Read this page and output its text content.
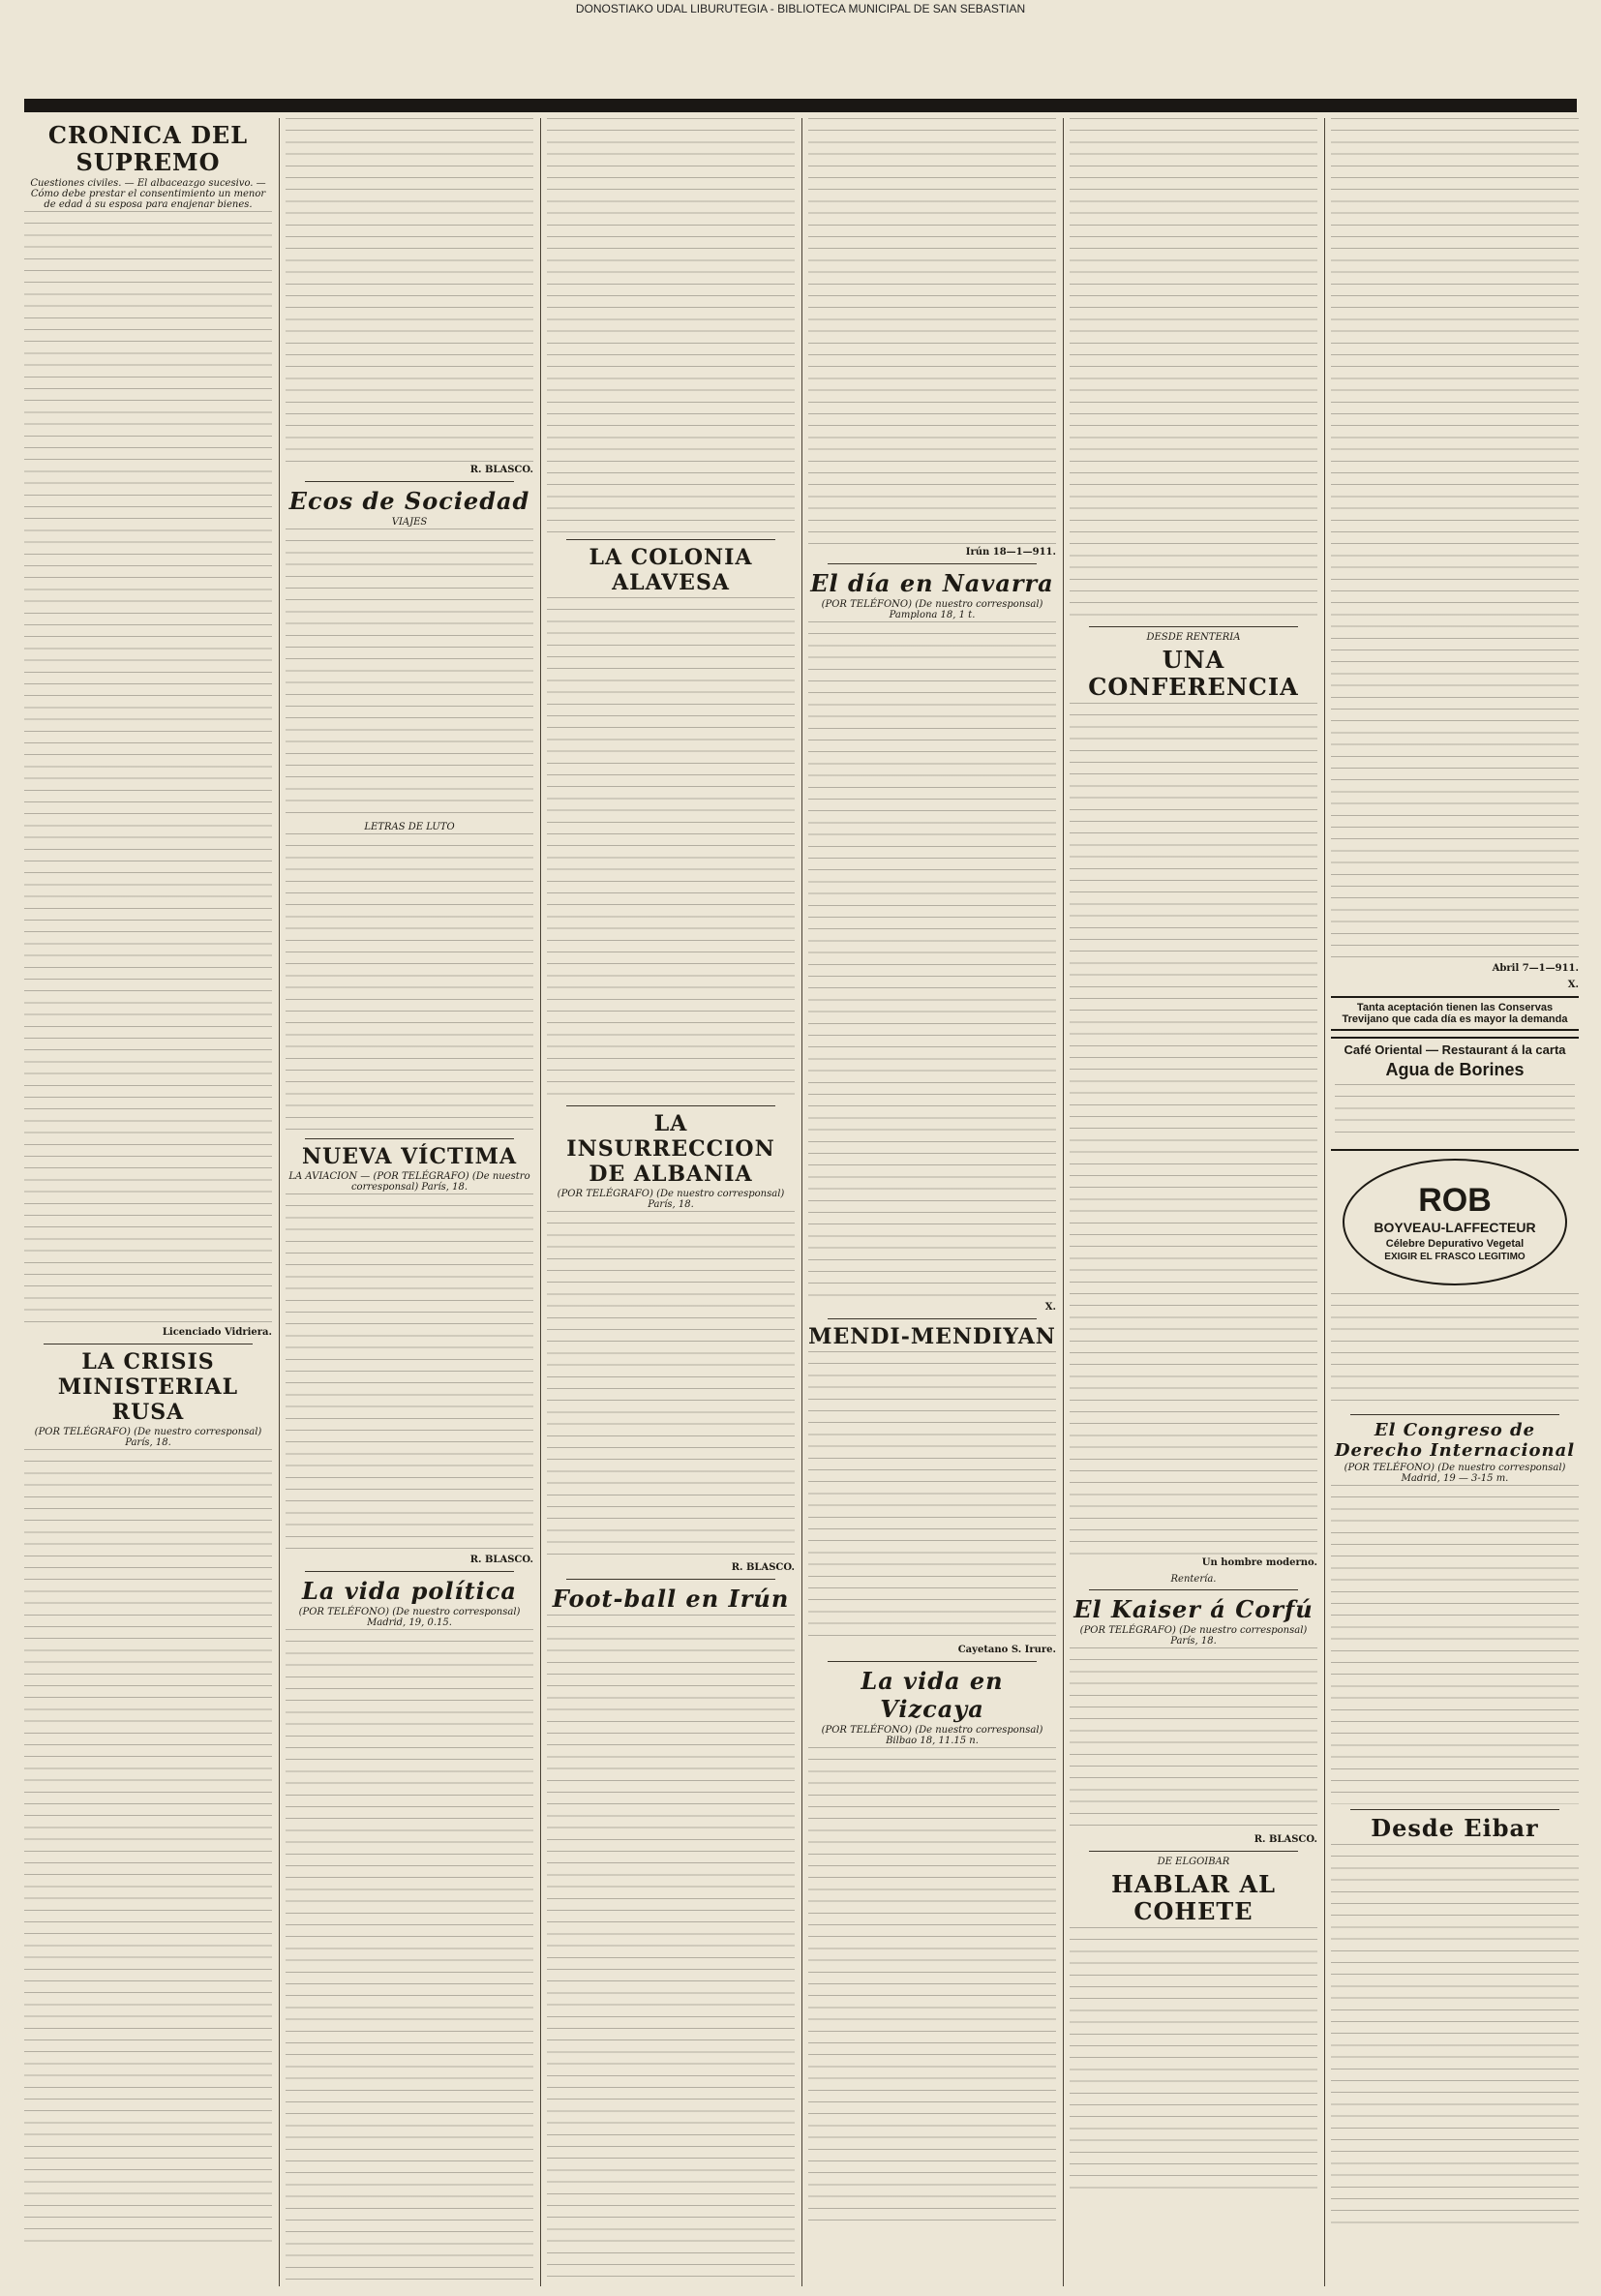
DONOSTIAKO UDAL LIBURUTEGIA - BIBLIOTECA MUNICIPAL DE SAN SEBASTIAN
CRONICA DEL SUPREMO
Cuestiones civiles. — El albaceazgo sucesivo. — Cómo debe prestar el consentimiento un menor de edad á su esposa para enajenar bienes.
Licenciado Vidriera.
LA CRISIS MINISTERIAL RUSA
(POR TELÉGRAFO) (De nuestro corresponsal) París, 18.
R. BLASCO.
Ecos de Sociedad
VIAJES
LETRAS DE LUTO
NUEVA VÍCTIMA
LA AVIACION — (POR TELÉGRAFO) (De nuestro corresponsal) París, 18.
R. BLASCO.
La vida política
(POR TELÉFONO) (De nuestro corresponsal) Madrid, 19, 0.15.
LA COLONIA ALAVESA
LA INSURRECCION DE ALBANIA
(POR TELÉGRAFO) (De nuestro corresponsal) París, 18.
R. BLASCO.
Foot-ball en Irún
Irún 18—1—911.
El día en Navarra
(POR TELÉFONO) (De nuestro corresponsal) Pamplona 18, 1 t.
X.
MENDI-MENDIYAN
Cayetano S. Irure.
La vida en Vizcaya
(POR TELÉFONO) (De nuestro corresponsal) Bilbao 18, 11.15 n.
DESDE RENTERIA
UNA CONFERENCIA
Un hombre moderno.
Rentería.
El Kaiser á Corfú
(POR TELÉGRAFO) (De nuestro corresponsal) París, 18.
R. BLASCO.
DE ELGOIBAR
HABLAR AL COHETE
Abril 7—1—911.
X.
Tanta aceptación tienen las Conservas Trevijano que cada día es mayor la demanda
Café Oriental — Restaurant á la carta
Agua de Borines
ROB
BOYVEAU-LAFFECTEUR
Célebre Depurativo Vegetal
EXIGIR EL FRASCO LEGITIMO
El Congreso de Derecho Internacional
(POR TELÉFONO) (De nuestro corresponsal) Madrid, 19 — 3-15 m.
Desde Eibar
